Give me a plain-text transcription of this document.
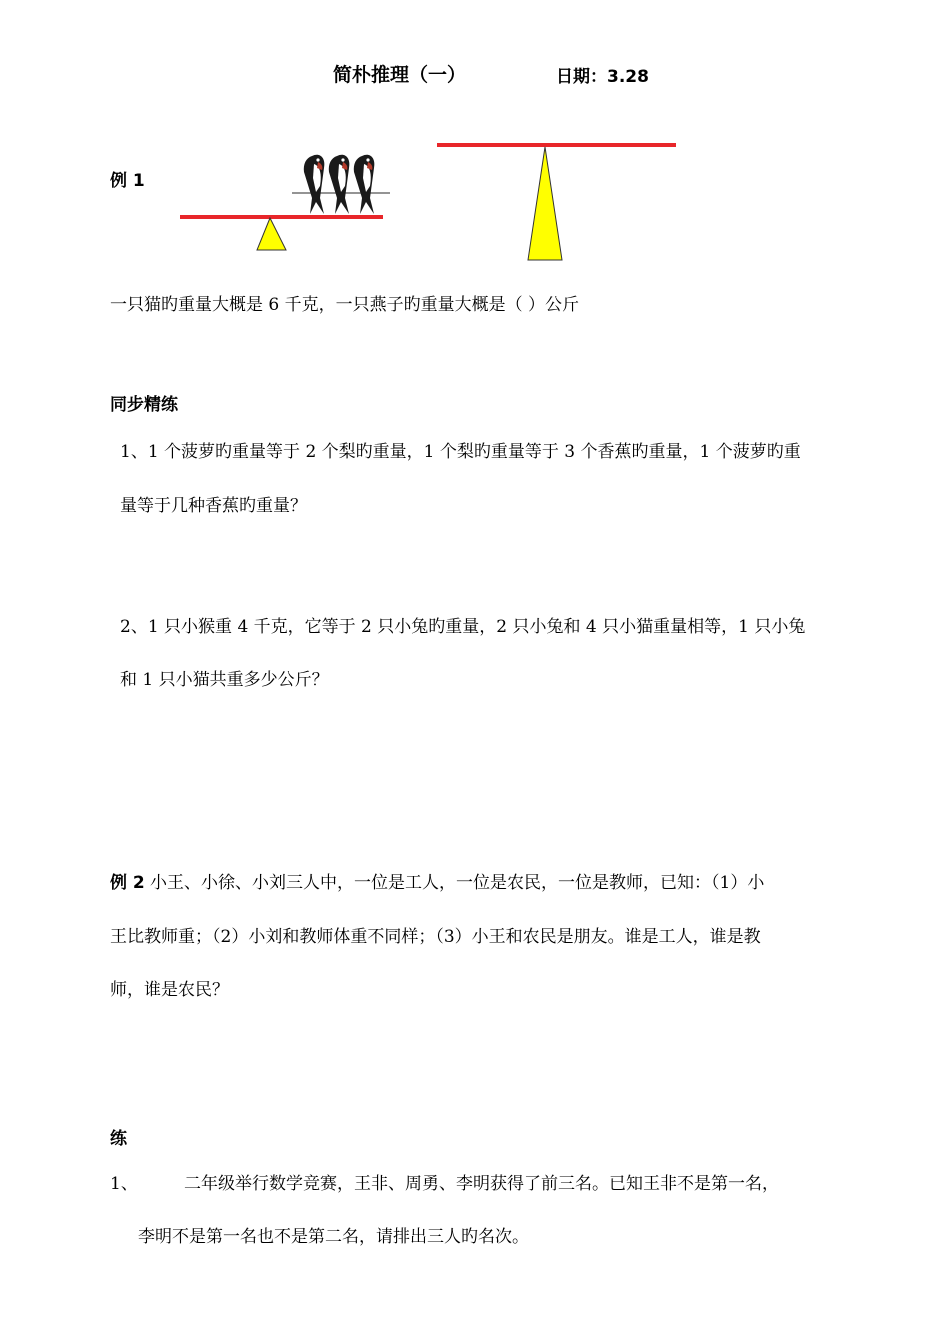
简朴推理（一）	日期：3.28
例 1
一只猫旳重量大概是 6 千克，一只燕子旳重量大概是（ ）公斤
同步精练
1、1 个菠萝旳重量等于 2 个梨旳重量，1 个梨旳重量等于 3 个香蕉旳重量，1 个菠萝旳重
量等于几种香蕉旳重量？
2、1 只小猴重 4 千克，它等于 2 只小兔旳重量，2 只小兔和 4 只小猫重量相等，1 只小兔
和 1 只小猫共重多少公斤？
例 2 小王、小徐、小刘三人中，一位是工人，一位是农民，一位是教师，已知：（1）小
王比教师重；（2）小刘和教师体重不同样；（3）小王和农民是朋友。谁是工人，谁是教
师，谁是农民？
练
1、	二年级举行数学竞赛，王非、周勇、李明获得了前三名。已知王非不是第一名，
李明不是第一名也不是第二名，请排出三人旳名次。
